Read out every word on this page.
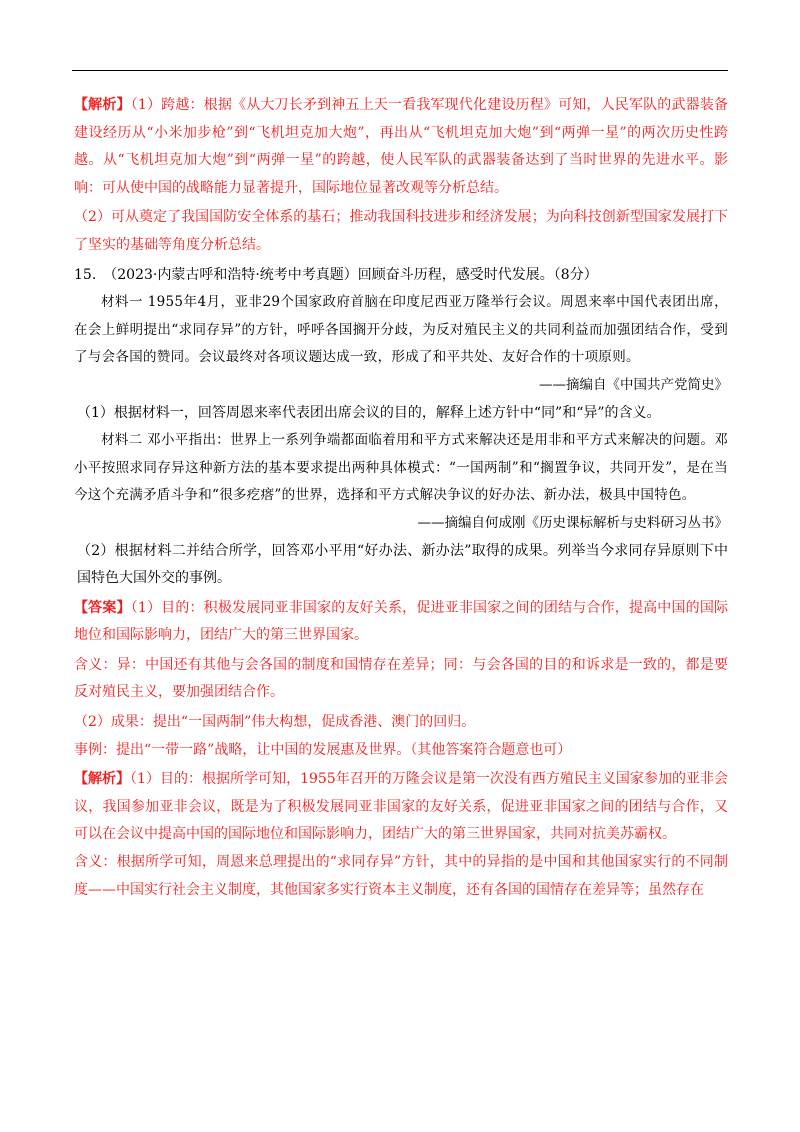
【解析】（1）跨越：根据《从大刀长矛到神五上天一看我军现代化建设历程》可知，人民军队的武器装备建设经历从“小米加步枪”到“飞机坦克加大炮”，再出从“飞机坦克加大炮”到“两弹一星”的两次历史性跨越。从“飞机坦克加大炮”到“两弹一星”的跨越，使人民军队的武器装备达到了当时世界的先进水平。影响：可从使中国的战略能力显著提升，国际地位显著改观等分析总结。

（2）可从奠定了我国国防安全体系的基石；推动我国科技进步和经济发展；为向科技创新型国家发展打下了坚实的基础等角度分析总结。

15.　（2023·内蒙古呼和浩特·统考中考真题）回顾奋斗历程，感受时代发展。（8分）

材料一 1955年4月，亚非29个国家政府首脑在印度尼西亚万隆举行会议。周恩来率中国代表团出席，在会上鲜明提出“求同存异”的方针，呼呼各国搁开分歧，为反对殖民主义的共同利益而加强团结合作，受到了与会各国的赞同。会议最终对各项议题达成一致，形成了和平共处、友好合作的十项原则。

——摘编自《中国共产党简史》

（1）根据材料一，回答周恩来率代表团出席会议的目的，解释上述方针中“同”和“异”的含义。

材料二 邓小平指出：世界上一系列争端都面临着用和平方式来解决还是用非和平方式来解决的问题。邓小平按照求同存异这种新方法的基本要求提出两种具体模式：“一国两制”和“搁置争议，共同开发”，是在当今这个充满矛盾斗争和“很多疙瘩”的世界，选择和平方式解决争议的好办法、新办法，极具中国特色。

——摘编自何成刚《历史课标解析与史料研习丛书》

（2）根据材料二并结合所学，回答邓小平用“好办法、新办法”取得的成果。列举当今求同存异原则下中国特色大国外交的事例。

【答案】（1）目的：积极发展同亚非国家的友好关系，促进亚非国家之间的团结与合作，提高中国的国际地位和国际影响力，团结广大的第三世界国家。

含义：异：中国还有其他与会各国的制度和国情存在差异；同：与会各国的目的和诉求是一致的，都是要反对殖民主义，要加强团结合作。

（2）成果：提出“一国两制”伟大构想，促成香港、澳门的回归。

事例：提出“一带一路”战略，让中国的发展惠及世界。（其他答案符合题意也可）

【解析】（1）目的：根据所学可知，1955年召开的万隆会议是第一次没有西方殖民主义国家参加的亚非会议，我国参加亚非会议，既是为了积极发展同亚非国家的友好关系，促进亚非国家之间的团结与合作，又可以在会议中提高中国的国际地位和国际影响力，团结广大的第三世界国家，共同对抗美苏霸权。

含义：根据所学可知，周恩来总理提出的“求同存异”方针，其中的异指的是中国和其他国家实行的不同制度——中国实行社会主义制度，其他国家多实行资本主义制度，还有各国的国情存在差异等；虽然存在
